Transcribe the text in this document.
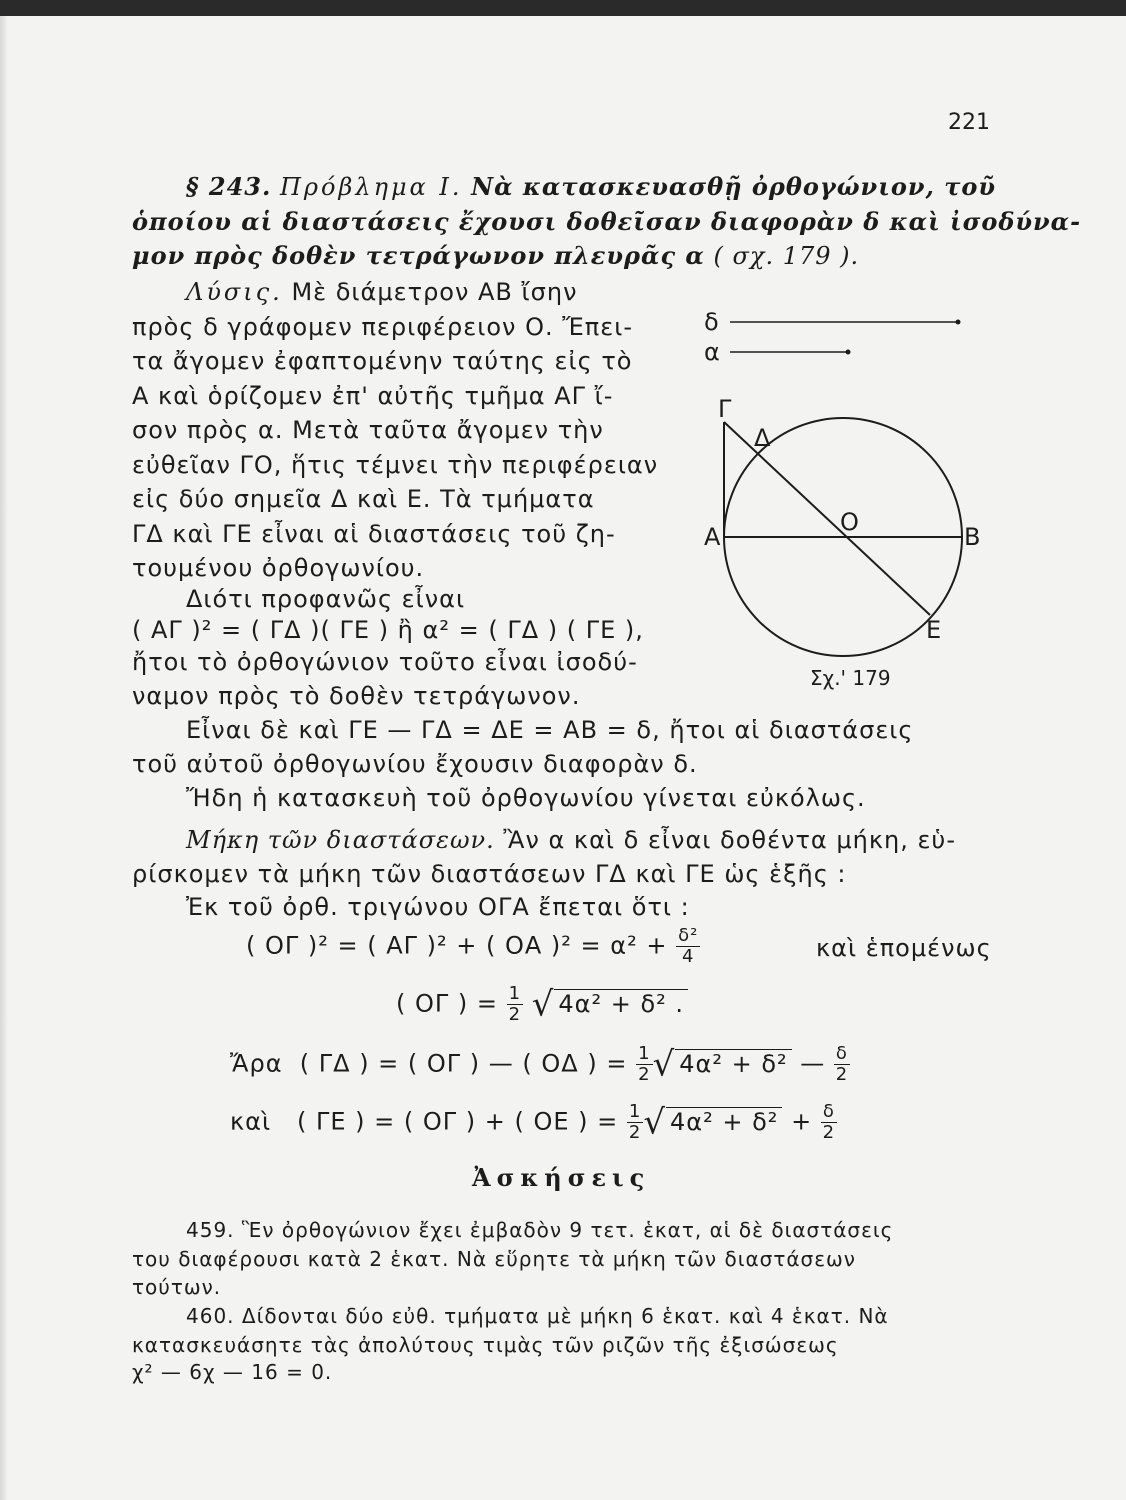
221
§ 243. Πρόβλημα I. Νὰ κατασκευασθῇ ὀρθογώνιον, τοῦ
ὁποίου αἱ διαστάσεις ἔχουσι δοθεῖσαν διαφορὰν δ καὶ ἰσοδύνα-
μον πρὸς δοθὲν τετράγωνον πλευρᾶς α ( σχ. 179 ).
Λύσις. Μὲ διάμετρον ΑΒ ἴσην
πρὸς δ γράφομεν περιφέρειον Ο. Ἔπει-
τα ἄγομεν ἐφαπτομένην ταύτης εἰς τὸ
Α καὶ ὁρίζομεν ἐπ' αὐτῆς τμῆμα ΑΓ ἴ-
σον πρὸς α. Μετὰ ταῦτα ἄγομεν τὴν
εὐθεῖαν ΓΟ, ἥτις τέμνει τὴν περιφέρειαν
εἰς δύο σημεῖα Δ καὶ Ε. Τὰ τμήματα
ΓΔ καὶ ΓΕ εἶναι αἱ διαστάσεις τοῦ ζη-
τουμένου ὀρθογωνίου.
Διότι προφανῶς εἶναι
( ΑΓ )² = ( ΓΔ )( ΓΕ ) ἢ α² = ( ΓΔ ) ( ΓΕ ),
ἤτοι τὸ ὀρθογώνιον τοῦτο εἶναι ἰσοδύ-
ναμον πρὸς τὸ δοθὲν τετράγωνον.
Εἶναι δὲ καὶ ΓΕ — ΓΔ = ΔΕ = ΑΒ = δ, ἤτοι αἱ διαστάσεις
τοῦ αὐτοῦ ὀρθογωνίου ἔχουσιν διαφορὰν δ.
Ἤδη ἡ κατασκευὴ τοῦ ὀρθογωνίου γίνεται εὐκόλως.
Μήκη τῶν διαστάσεων. Ἂν α καὶ δ εἶναι δοθέντα μήκη, εὑ-
ρίσκομεν τὰ μήκη τῶν διαστάσεων ΓΔ καὶ ΓΕ ὡς ἑξῆς :
Ἐκ τοῦ ὀρθ. τριγώνου ΟΓΑ ἔπεται ὅτι :
( ΟΓ )² = ( ΑΓ )² + ( ΟΑ )$^2 = \alpha^2 + \frac{\text{δ²}}{4}$	καὶ ἑπομένως
( ΟΓ ) = $\frac{1}{2}$ √ 4α² + δ² .
Ἄρα ( ΓΔ ) = ( ΟΓ ) — ( ΟΔ ) = $\frac{1}{2}$ √ 4α² + δ² — $\frac{\delta}{2}$
καὶ ( ΓΕ ) = ( ΟΓ ) + ( ΟΕ ) = $\frac{1}{2}$ √ $4\alpha^2 + \delta^2 + \frac{\delta}{2}$
Ἀσκήσεις
459. Ἓν ὀρθογώνιον ἔχει ἐμβαδὸν 9 τετ. ἑκατ, αἱ δὲ διαστάσεις
του διαφέρουσι κατὰ 2 ἑκατ. Νὰ εὕρητε τὰ μήκη τῶν διαστάσεων
τούτων.
460. Δίδονται δύο εὐθ. τμήματα μὲ μήκη 6 ἑκατ. καὶ 4 ἑκατ. Νὰ
κατασκευάσητε τὰς ἀπολύτους τιμὰς τῶν ριζῶν τῆς ἐξισώσεως
χ² — 6χ — 16 = 0.
δ
α
Γ
Δ
Α
Ο
Β
Ε
Σχ.' 179
